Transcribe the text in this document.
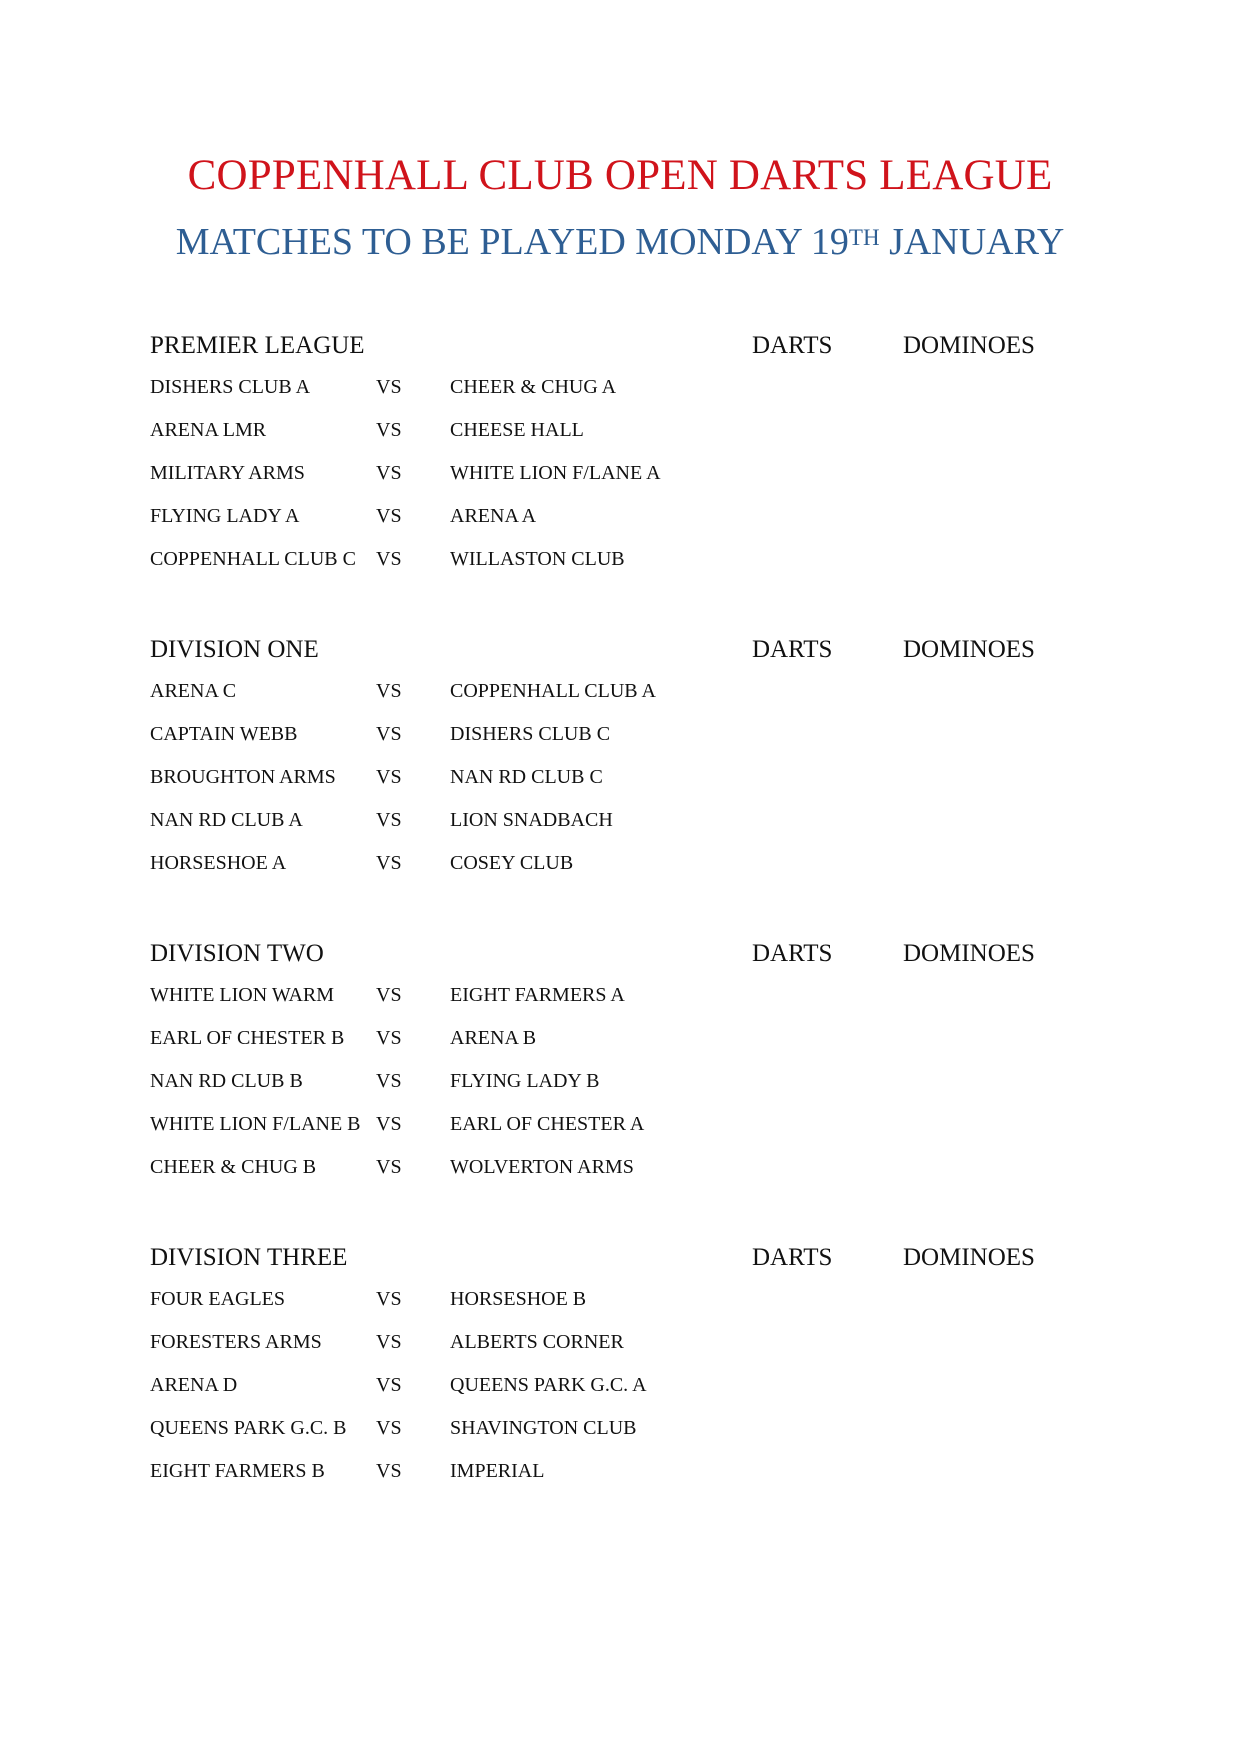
COPPENHALL CLUB OPEN DARTS LEAGUE
MATCHES TO BE PLAYED MONDAY 19TH JANUARY
PREMIER LEAGUE	DARTS	DOMINOES
DISHERS CLUB A	VS CHEER & CHUG A
ARENA LMR	VS CHEESE HALL
MILITARY ARMS	VS WHITE LION F/LANE A
FLYING LADY A	VS ARENA A
COPPENHALL CLUB C VS WILLASTON CLUB
DIVISION ONE	DARTS	DOMINOES
ARENA C	VS COPPENHALL CLUB A
CAPTAIN WEBB	VS DISHERS CLUB C
BROUGHTON ARMS VS NAN RD CLUB C
NAN RD CLUB A	VS LION SNADBACH
HORSESHOE A	VS COSEY CLUB
DIVISION TWO	DARTS	DOMINOES
WHITE LION WARM VS EIGHT FARMERS A
EARL OF CHESTER B VS ARENA B
NAN RD CLUB B	VS FLYING LADY B
WHITE LION F/LANE B VS EARL OF CHESTER A
CHEER & CHUG B	VS WOLVERTON ARMS
DIVISION THREE	DARTS	DOMINOES
FOUR EAGLES	VS HORSESHOE B
FORESTERS ARMS	VS ALBERTS CORNER
ARENA D	VS QUEENS PARK G.C. A
QUEENS PARK G.C. B VS SHAVINGTON CLUB
EIGHT FARMERS B	VS IMPERIAL
